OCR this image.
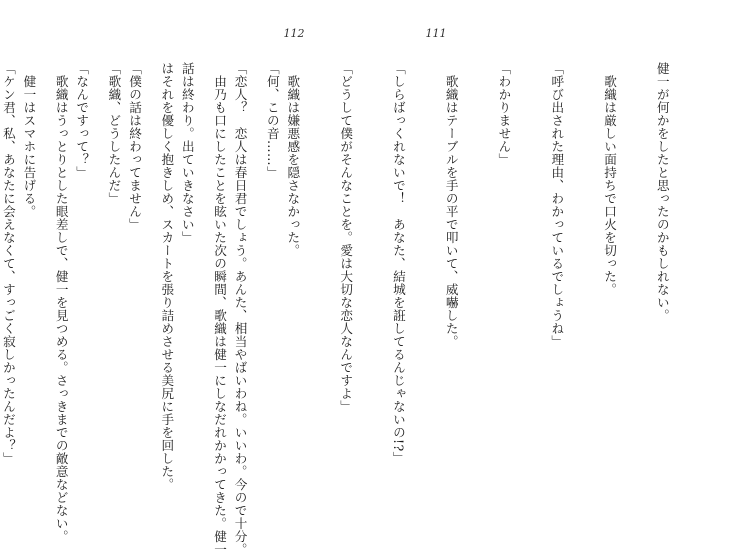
112

「何、この音……」

　由乃も口にしたことを眩いた次の瞬間、歌織は健一にしなだれかかってきた。健一

はそれを優しく抱きしめ、スカートを張り詰めさせる美尻に手を回した。

「歌織、どうしたんだ」

　歌織はうっとりとした眼差しで、健一を見つめる。さっきまでの敵意などない。

「ケン君、私、あなたに会えなくて、すっごく寂しかったんだよ？」

111

健一が何かをしたと思ったのかもしれない。

　歌織は厳しい面持ちで口火を切った。

「呼び出された理由、わかっているでしょうね」

「わかりません」

　歌織はテーブルを手の平で叩いて、威嚇した。

「しらばっくれないで！　あなた、結城を誑してるんじゃないの!?」

「どうして僕がそんなことを。愛は大切な恋人なんですよ」

　歌織は嫌悪感を隠さなかった。

「恋人？　恋人は春日君でしょう。あんた、相当やばいわね。いいわ。今ので十分。

話は終わり。出ていきなさい」

「僕の話は終わってません」

「なんですって？」

　健一はスマホに告げる。
